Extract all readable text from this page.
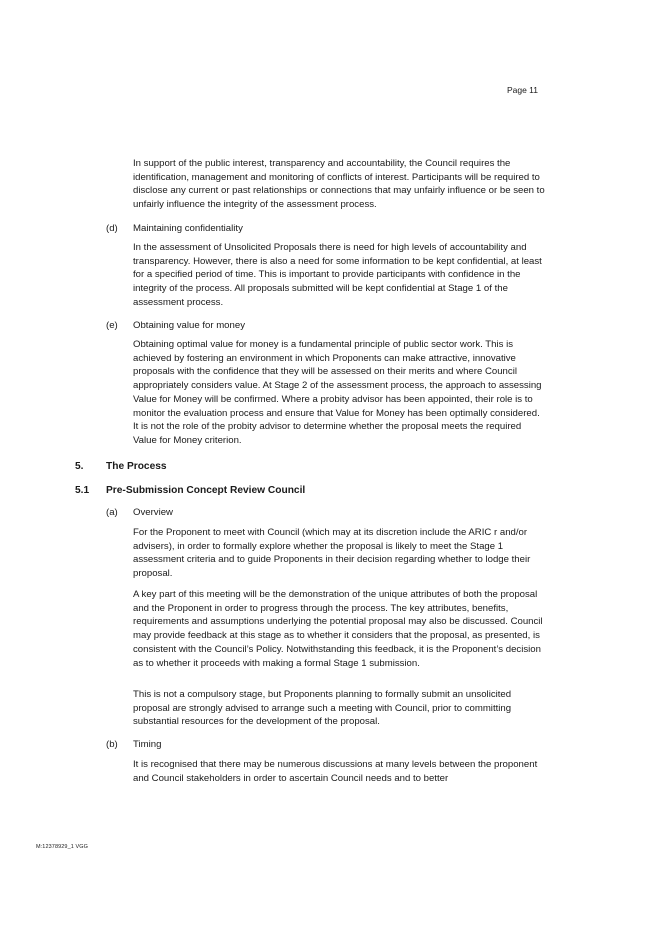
Page 11

In support of the public interest, transparency and accountability, the Council requires the identification, management and monitoring of conflicts of interest. Participants will be required to disclose any current or past relationships or connections that may unfairly influence or be seen to unfairly influence the integrity of the assessment process.

(d) Maintaining confidentiality

In the assessment of Unsolicited Proposals there is need for high levels of accountability and transparency. However, there is also a need for some information to be kept confidential, at least for a specified period of time. This is important to provide participants with confidence in the integrity of the process. All proposals submitted will be kept confidential at Stage 1 of the assessment process.

(e) Obtaining value for money

Obtaining optimal value for money is a fundamental principle of public sector work. This is achieved by fostering an environment in which Proponents can make attractive, innovative proposals with the confidence that they will be assessed on their merits and where Council appropriately considers value. At Stage 2 of the assessment process, the approach to assessing Value for Money will be confirmed. Where a probity advisor has been appointed, their role is to monitor the evaluation process and ensure that Value for Money has been optimally considered. It is not the role of the probity advisor to determine whether the proposal meets the required Value for Money criterion.

5. The Process
5.1 Pre-Submission Concept Review Council
(a) Overview

For the Proponent to meet with Council (which may at its discretion include the ARIC r and/or advisers), in order to formally explore whether the proposal is likely to meet the Stage 1 assessment criteria and to guide Proponents in their decision regarding whether to lodge their proposal.

A key part of this meeting will be the demonstration of the unique attributes of both the proposal and the Proponent in order to progress through the process. The key attributes, benefits, requirements and assumptions underlying the potential proposal may also be discussed. Council may provide feedback at this stage as to whether it considers that the proposal, as presented, is consistent with the Council’s Policy. Notwithstanding this feedback, it is the Proponent’s decision as to whether it proceeds with making a formal Stage 1 submission.

This is not a compulsory stage, but Proponents planning to formally submit an unsolicited proposal are strongly advised to arrange such a meeting with Council, prior to committing substantial resources for the development of the proposal.

(b) Timing

It is recognised that there may be numerous discussions at many levels between the proponent and Council stakeholders in order to ascertain Council needs and to better

M:12378929_1 VGG
